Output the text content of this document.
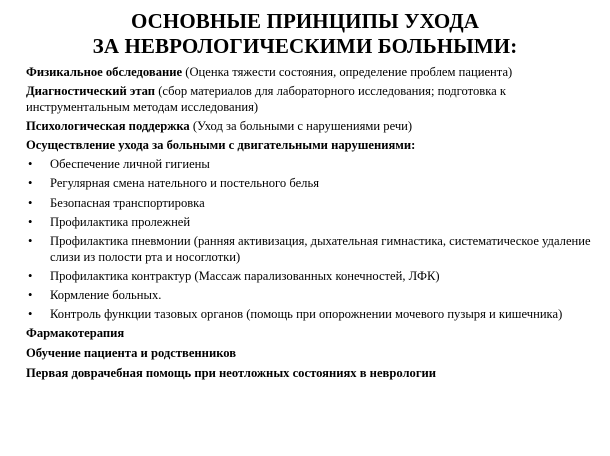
ОСНОВНЫЕ ПРИНЦИПЫ УХОДА
ЗА НЕВРОЛОГИЧЕСКИМИ БОЛЬНЫМИ:
Физикальное обследование (Оценка тяжести состояния, определение проблем пациента)
Диагностический этап (сбор материалов для лабораторного исследования; подготовка к инструментальным методам исследования)
Психологическая поддержка (Уход за больными с нарушениями речи)
Осуществление ухода за больными с двигательными нарушениями:
• Обеспечение личной гигиены
• Регулярная смена нательного и постельного белья
• Безопасная транспортировка
• Профилактика пролежней
• Профилактика пневмонии (ранняя активизация, дыхательная гимнастика, систематическое удаление слизи из полости рта и носоглотки)
• Профилактика контрактур (Массаж парализованных конечностей, ЛФК)
• Кормление больных.
• Контроль функции тазовых органов (помощь при опорожнении мочевого пузыря и кишечника)
Фармакотерапия
Обучение пациента и родственников
Первая доврачебная помощь при неотложных состояниях в неврологии
